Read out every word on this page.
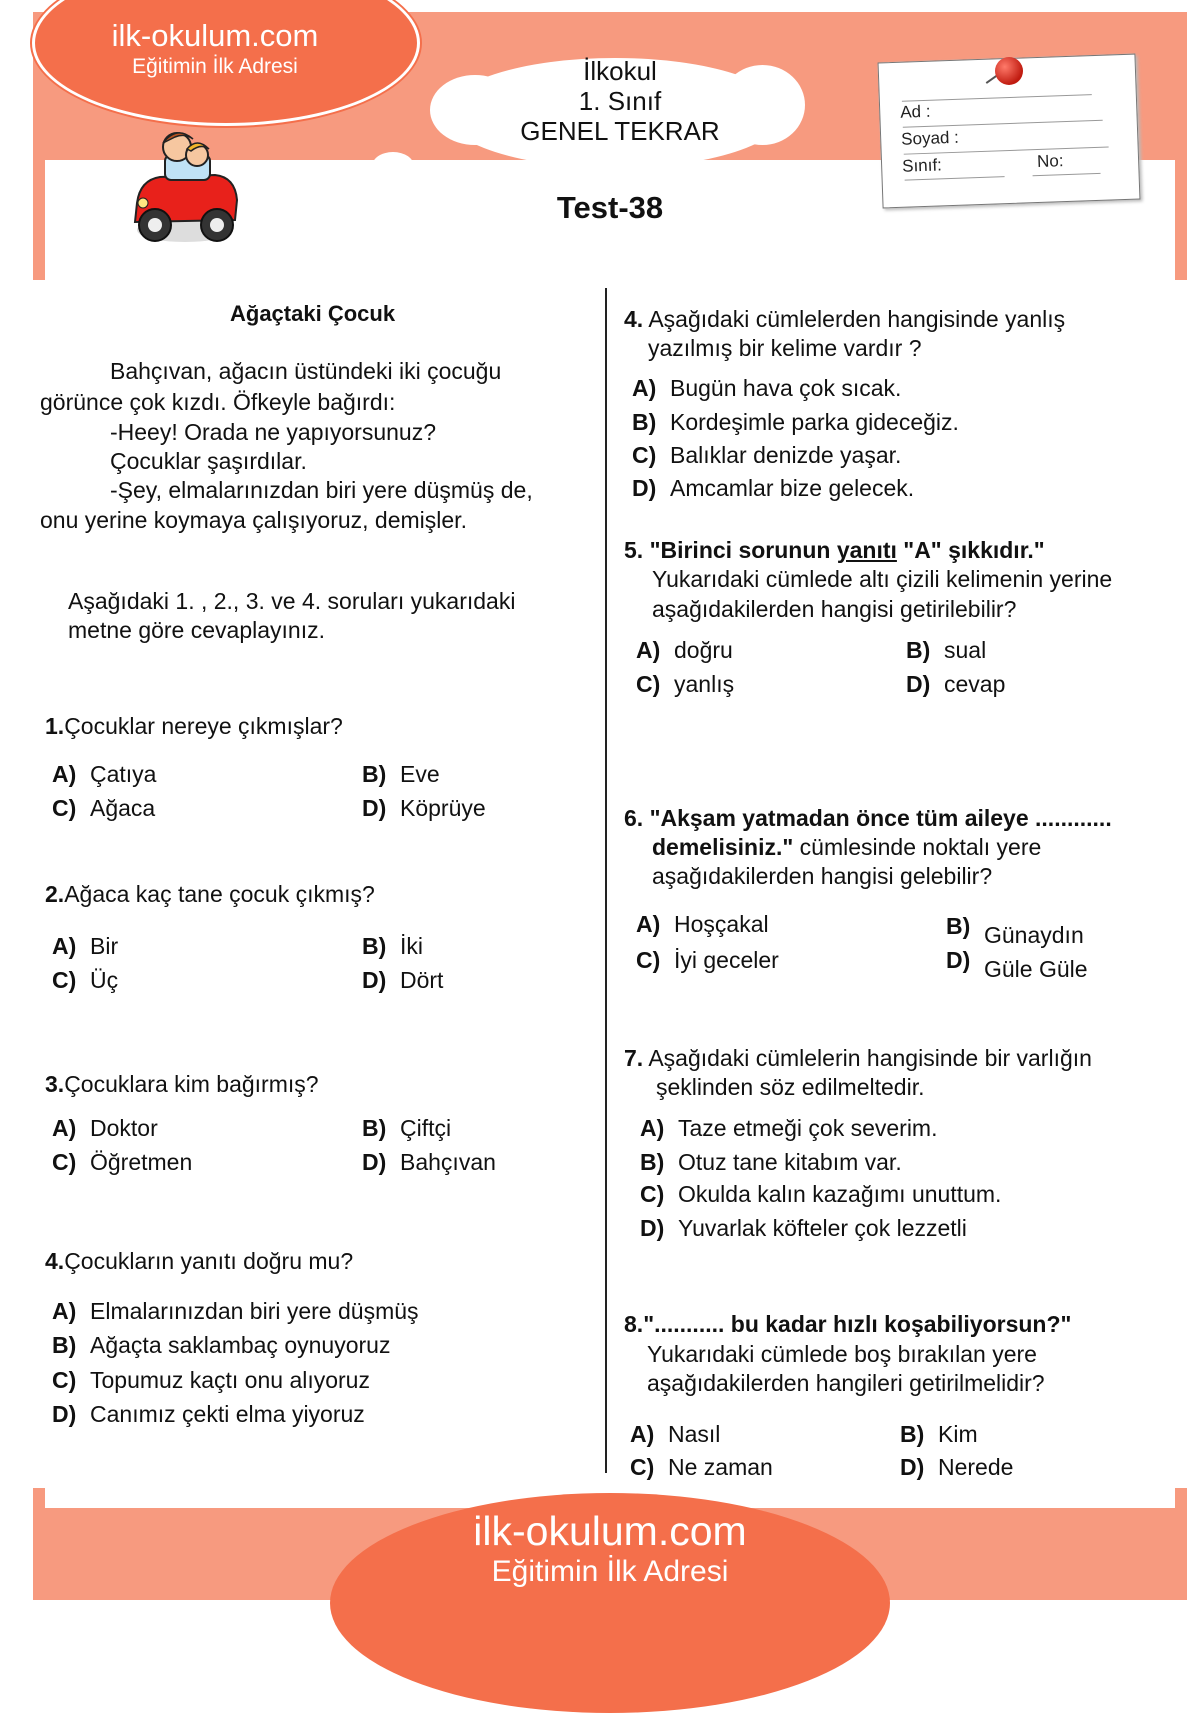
ilk-okulum.com
Eğitimin İlk Adresi	İlkokul
1. Sınıf
GENEL TEKRAR
Test-38
Ad :
Soyad :
Sınıf:	No:
Ağaçtaki Çocuk
Bahçıvan, ağacın üstündeki iki çocuğu
görünce çok kızdı. Öfkeyle bağırdı:
-Heey! Orada ne yapıyorsunuz?
Çocuklar şaşırdılar.
-Şey, elmalarınızdan biri yere düşmüş de,
onu yerine koymaya çalışıyoruz, demişler.
Aşağıdaki 1. , 2., 3. ve 4. soruları yukarıdaki
metne göre cevaplayınız.
1.Çocuklar nereye çıkmışlar?
A) Çatıya	B) Eve
C) Ağaca	D) Köprüye
2.Ağaca kaç tane çocuk çıkmış?
A) Bir	B) İki
C) Üç	D) Dört
3.Çocuklara kim bağırmış?
A) Doktor	B) Çiftçi
C) Öğretmen	D) Bahçıvan
4.Çocukların yanıtı doğru mu?
A) Elmalarınızdan biri yere düşmüş
B) Ağaçta saklambaç oynuyoruz
C) Topumuz kaçtı onu alıyoruz
D) Canımız çekti elma yiyoruz
4. Aşağıdaki cümlelerden hangisinde yanlış
yazılmış bir kelime vardır ?
A) Bugün hava çok sıcak.
B) Kordeşimle parka gideceğiz.
C) Balıklar denizde yaşar.
D) Amcamlar bize gelecek.
5. "Birinci sorunun yanıtı "A" şıkkıdır."
Yukarıdaki cümlede altı çizili kelimenin yerine
aşağıdakilerden hangisi getirilebilir?
A) doğru	B) sual
C) yanlış	D) cevap
6. "Akşam yatmadan önce tüm aileye ............
demelisiniz." cümlesinde noktalı yere
aşağıdakilerden hangisi gelebilir?
A) Hoşçakal	B) Günaydın
C) İyi geceler	D) Güle Güle
7. Aşağıdaki cümlelerin hangisinde bir varlığın
şeklinden söz edilmeltedir.
A) Taze etmeği çok severim.
B) Otuz tane kitabım var.
C) Okulda kalın kazağımı unuttum.
D) Yuvarlak köfteler çok lezzetli
8."........... bu kadar hızlı koşabiliyorsun?"
Yukarıdaki cümlede boş bırakılan yere
aşağıdakilerden hangileri getirilmelidir?
A) Nasıl	B) Kim
C) Ne zaman	D) Nerede
ilk-okulum.com
Eğitimin İlk Adresi
